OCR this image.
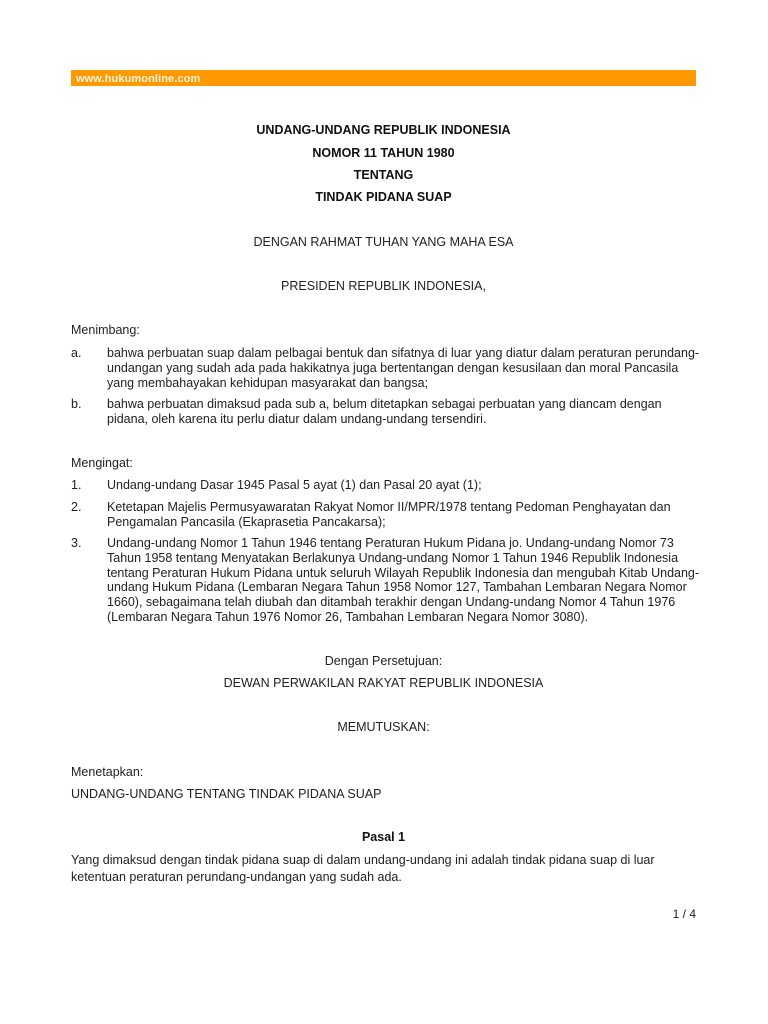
www.hukumonline.com
UNDANG-UNDANG REPUBLIK INDONESIA
NOMOR 11 TAHUN 1980
TENTANG
TINDAK PIDANA SUAP
DENGAN RAHMAT TUHAN YANG MAHA ESA
PRESIDEN REPUBLIK INDONESIA,
Menimbang:
a. bahwa perbuatan suap dalam pelbagai bentuk dan sifatnya di luar yang diatur dalam peraturan perundang-undangan yang sudah ada pada hakikatnya juga bertentangan dengan kesusilaan dan moral Pancasila yang membahayakan kehidupan masyarakat dan bangsa;
b. bahwa perbuatan dimaksud pada sub a, belum ditetapkan sebagai perbuatan yang diancam dengan pidana, oleh karena itu perlu diatur dalam undang-undang tersendiri.
Mengingat:
1. Undang-undang Dasar 1945 Pasal 5 ayat (1) dan Pasal 20 ayat (1);
2. Ketetapan Majelis Permusyawaratan Rakyat Nomor II/MPR/1978 tentang Pedoman Penghayatan dan Pengamalan Pancasila (Ekaprasetia Pancakarsa);
3. Undang-undang Nomor 1 Tahun 1946 tentang Peraturan Hukum Pidana jo. Undang-undang Nomor 73 Tahun 1958 tentang Menyatakan Berlakunya Undang-undang Nomor 1 Tahun 1946 Republik Indonesia tentang Peraturan Hukum Pidana untuk seluruh Wilayah Republik Indonesia dan mengubah Kitab Undang-undang Hukum Pidana (Lembaran Negara Tahun 1958 Nomor 127, Tambahan Lembaran Negara Nomor 1660), sebagaimana telah diubah dan ditambah terakhir dengan Undang-undang Nomor 4 Tahun 1976 (Lembaran Negara Tahun 1976 Nomor 26, Tambahan Lembaran Negara Nomor 3080).
Dengan Persetujuan:
DEWAN PERWAKILAN RAKYAT REPUBLIK INDONESIA
MEMUTUSKAN:
Menetapkan:
UNDANG-UNDANG TENTANG TINDAK PIDANA SUAP
Pasal 1
Yang dimaksud dengan tindak pidana suap di dalam undang-undang ini adalah tindak pidana suap di luar ketentuan peraturan perundang-undangan yang sudah ada.
1 / 4
